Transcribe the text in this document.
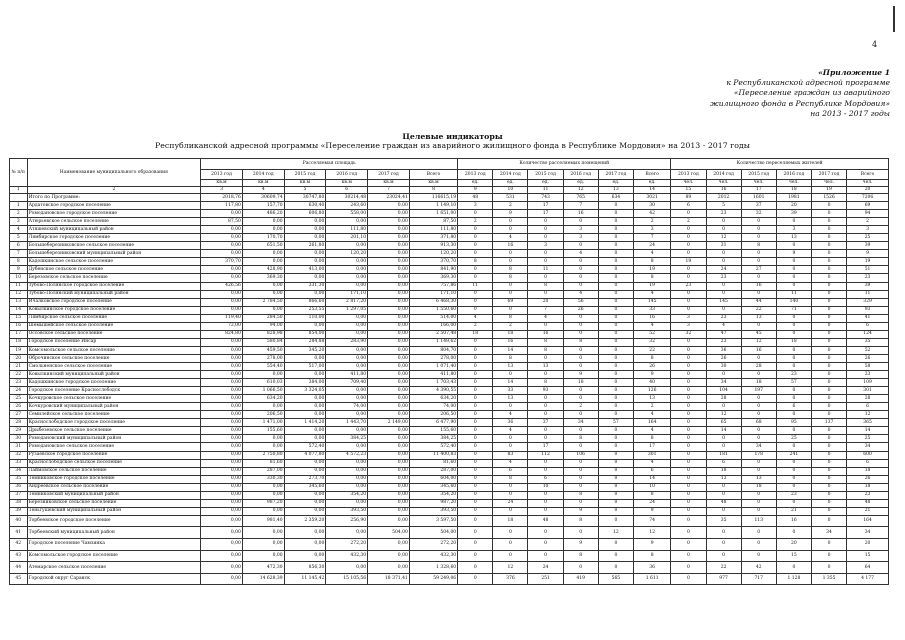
4
«Приложение 1
к Республиканской адресной программе
«Переселение граждан из аварийного
жилищного фонда в Республике Мордовия»
на 2013 - 2017 годы
Целевые индикаторы
Республиканской адресной программы «Переселение граждан из аварийного жилищного фонда в Республике Мордовия» на 2013 - 2017 годы
№ п/п	Наименование муниципального образования	Расселяемая площадь						Количество расселяемых помещений						Количество переселяемых жителей					
		2013 год	2014 год	2015 год	2016 год	2017 год	Всего	2013 год	2014 год	2015 год	2016 год	2017 год	Всего	2013 год	2014 год	2015 год	2016 год	2017 год	Всего
		кв.м	кв.м	кв.м	кв.м	кв.м	кв.м	ед.	ед.	ед.	ед.	ед.	ед.	чел.	чел.	чел.	чел.	чел.	чел.
1	2	3	4	5	6	7	8	9	10	11	12	13	14	15	16	17	18	19	20
	Итого по Программе:	2018,76	30609,74	30747,80	30214,48	23024,41	116615,19	48	531	743	765	634	3021	89	2012	1601	1981	1526	7206
1	Ардатовское городское поселение	117,80	157,70	630,40	243,60	0,00	1 149,10	3	2	17	7	0	30	6	5	37	20	0	69
2	Ромодановское городское поселение	0,00	486,20	606,80	558,00	0,00	1 651,00	0	9	17	16	0	42	0	23	32	39	0	94
3	Атюрьевское сельское поселение	87,50	0,00	0,00	0,00	0,00	87,50	2	0	0	0	0	2	2	0	0	0	0	2
4	Атяшевский муниципальный район	0,00	0,00	0,00	111,80	0,00	111,80	0	0	0	3	0	3	0	0	0	3	0	3
5	Лямбирское городское поселение	0,00	170,70	0,00	201,10	0,00	371,80	0	4	0	3	0	7	0	12	0	13	0	25
6	Большеберезниковское сельское поселение	0,00	651,50	261,80	0,00	0,00	913,30	0	16	3	0	0	24	0	31	8	0	0	39
7	Большеберезниковский муниципальный район	0,00	0,00	0,00	120,20	0,00	120,20	0	0	0	4	0	4	0	0	0	9	0	9
8	Кадошкинское сельское поселение	370,70	0,00	0,00	0,00	0,00	370,70	8	0	0	0	0	8	19	0	0	0	0	19
9	Дубенское сельское поселение	0,00	428,90	413,00	0,00	0,00	841,90	0	8	11	0	0	19	0	24	27	0	0	51
10	Березовское сельское поселение	0,00	369,30	0,00	0,00	0,00	369,30	0	8	0	0	0	8	0	23	0	0	0	23
11	Зубово-Полянское городское поселение	426,56	0,00	331,30	0,00	0,00	757,86	11	0	8	0	0	19	23	0	16	0	0	39
12	Зубово-Полянский муниципальный район	0,00	0,00	0,00	171,10	0,00	171,10	0	0	0	4	0	4	0	0	0	11	0	11
13	Ичалковское городское поселение	0,00	2 784,50	866,60	2 817,20	0,00	6 468,30	0	69	20	56	0	145	0	145	44	140	0	329
14	Ковылкинское городское поселение	0,00	0,00	253,55	1 297,05	0,00	1 550,60	0	0	7	26	0	33	0	0	22	71	0	93
15	Лямбирское сельское поселение	119,40	284,50	110,00	0,00	0,00	514,00	4	8	4	0	0	16	3	23	13	0	0	41
16	Шемышейское сельское поселение	72,00	94,00	0,00	0,00	0,00	166,00	2	2	0	0	0	4	3	4	0	0	0	6
17	Оссовское сельское поселение	824,80	828,98	854,00	0,00	0,00	2 507,48	18	18	16	0	0	52	32	47	45	0	0	124
18	Городское поселение Инсар	0,00	580,84	284,88	283,90	0,00	1 149,62	0	16	8	8	0	32	0	23	12	18	0	35
19	Комсомольское сельское поселение	0,00	459,50	345,20	0,00	0,00	804,70	0	14	8	0	0	22	0	36	16	0	0	52
20	Оброчинское сельское поселение	0,00	278,00	0,00	0,00	0,00	278,00	0	8	0	0	0	8	0	26	0	0	0	26
21	Смольненское сельское поселение	0,00	554,40	517,00	0,00	0,00	1 071,40	0	13	13	0	0	26	0	30	28	0	0	58
22	Ковылкинский муниципальный район	0,00	0,00	0,00	411,80	0,00	411,80	0	0	0	9	0	9	0	0	0	23	0	23
23	Кадошкинское городское поселение	0,00	610,03	384,00	709,40	0,00	1 703,43	0	14	8	18	0	40	0	34	18	57	0	109
24	Городское поселение Краснослободск	0,00	1 066,50	3 324,05	0,00	0,00	4 390,55	0	33	93	0	0	126	0	104	197	0	0	301
25	Кочкуровское сельское поселение	0,00	634,20	0,00	0,00	0,00	634,20	0	13	0	0	0	13	0	28	0	0	0	28
26	Кочкуровский муниципальный район	0,00	0,00	0,00	74,00	0,00	74,00	0	0	0	2	0	2	0	0	0	6	0	6
27	Семилейское сельское поселение	0,00	206,50	0,00	0,00	0,00	206,50	0	4	0	0	0	4	0	12	0	0	0	12
28	Краснослободское городское поселение	0,00	1 471,00	1 414,20	1 443,70	2 149,00	6 477,90	0	36	37	34	57	164	0	65	68	95	137	365
29	Дрыбезевское сельское поселение	0,00	155,60	0,00	0,00	0,00	155,60	0	4	0	0	0	4	0	14	0	0	0	14
30	Ромодановский муниципальный район	0,00	0,00	0,00	384,25	0,00	384,25	0	0	0	8	0	8	0	0	0	25	0	25
31	Ромодановское сельское поселение	0,00	0,00	572,40	0,00	0,00	572,40	0	0	17	0	0	17	0	0	34	0	0	34
32	Рузаевское городское поселение	0,00	2 750,80	4 077,80	4 572,23	0,00	11 400,83	0	83	112	106	0	301	0	181	178	241	0	600
33	Краснослободское сельское поселение	0,00	81,60	0,00	0,00	0,00	81,60	0	4	0	0	0	4	0	6	0	0	0	6
34	Лаймовское сельское поселение	0,00	287,00	0,00	0,00	0,00	287,00	0	6	0	0	0	6	0	18	0	0	0	18
35	Темниковское городское поселение	0,00	330,30	273,70	0,00	0,00	604,00	0	8	6	0	0	14	0	13	13	0	0	26
36	Андреевское сельское поселение	0,00	0,00	345,60	0,00	0,00	345,60	0	0	10	0	0	10	0	0	18	0	0	18
37	Темниковский муниципальный район	0,00	0,00	0,00	354,20	0,00	354,20	0	0	0	8	0	8	0	0	0	23	0	23
38	Березниковское сельское поселение	0,00	987,20	0,00	0,00	0,00	987,20	0	24	0	0	0	24	0	48	0	0	0	48
39	Теньгушевский муниципальный район	0,00	0,00	0,00	393,50	0,00	393,50	0	0	0	9	0	9	0	0	0	21	0	21
40	Торбеевское городское поселение	0,00	981,40	2 359,20	256,90	0,00	3 597,50	0	18	48	8	0	74	0	35	113	16	0	164
41	Торбеевский муниципальный район	0,00	0,00	0,00	0,00	504,00	504,00	0	0	0	0	12	12	0	0	0	0	34	34
42	Городское поселение Чамзинка	0,00	0,00	0,00	272,20	0,00	272,20	0	0	0	9	0	9	0	0	0	20	0	20
43	Комсомольское городское поселение	0,00	0,00	0,00	432,30	0,00	432,30	0	0	0	8	0	8	0	0	0	15	0	15
44	Атемарское сельское поселение	0,00	472,30	856,30	0,00	0,00	1 328,60	0	12	24	0	0	36	0	22	42	0	0	64
45	Городской округ Саранск	0,00	14 628,39	11 145,42	15 105,56	18 371,41	59 249,06	0	376	251	419	565	1 611	0	977	717	1 128	1 355	4 177
